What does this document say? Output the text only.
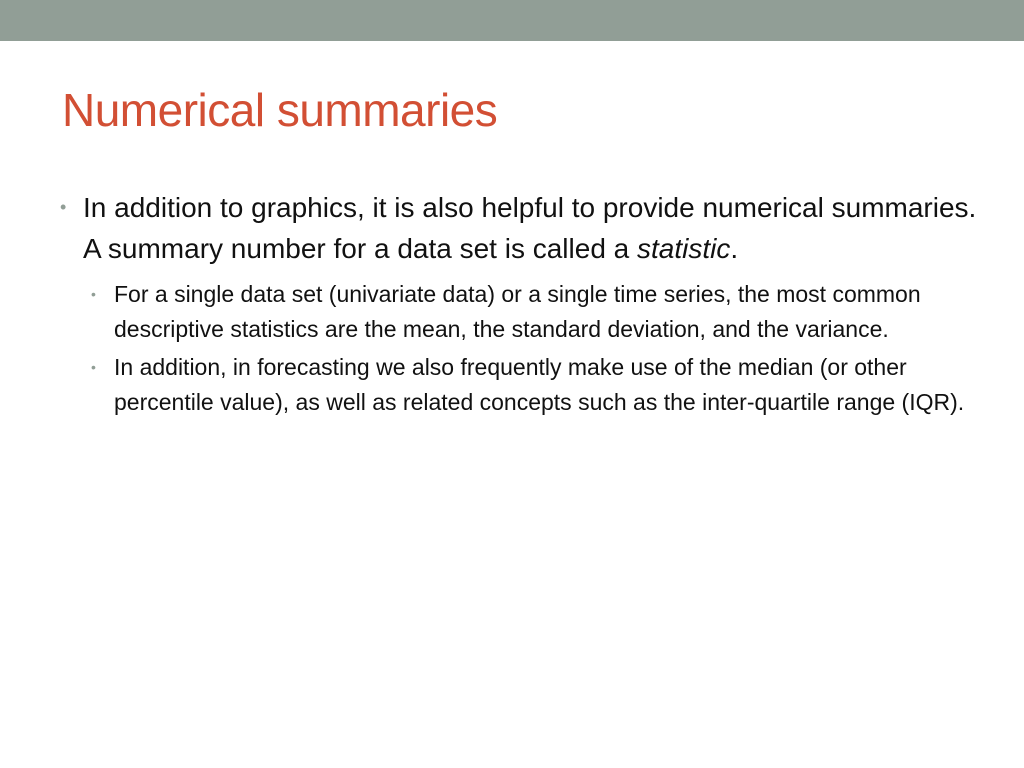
Numerical summaries
• In addition to graphics, it is also helpful to provide numerical summaries. A summary number for a data set is called a statistic.
• For a single data set (univariate data) or a single time series, the most common descriptive statistics are the mean, the standard deviation, and the variance.
• In addition, in forecasting we also frequently make use of the median (or other percentile value), as well as related concepts such as the inter-quartile range (IQR).
